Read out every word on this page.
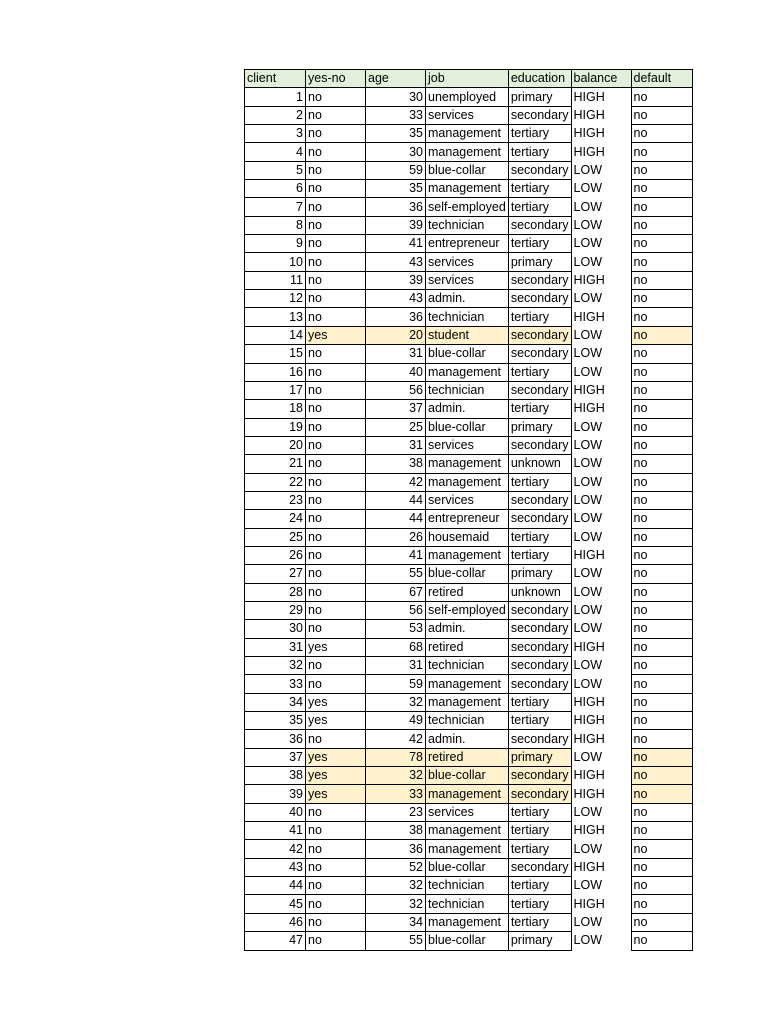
client	yes-no	age	job	education	balance	default
1	no	30	unemployed	primary	HIGH	no
2	no	33	services	secondary	HIGH	no
3	no	35	management	tertiary	HIGH	no
4	no	30	management	tertiary	HIGH	no
5	no	59	blue-collar	secondary	LOW	no
6	no	35	management	tertiary	LOW	no
7	no	36	self-employed	tertiary	LOW	no
8	no	39	technician	secondary	LOW	no
9	no	41	entrepreneur	tertiary	LOW	no
10	no	43	services	primary	LOW	no
11	no	39	services	secondary	HIGH	no
12	no	43	admin.	secondary	LOW	no
13	no	36	technician	tertiary	HIGH	no
14	yes	20	student	secondary	LOW	no
15	no	31	blue-collar	secondary	LOW	no
16	no	40	management	tertiary	LOW	no
17	no	56	technician	secondary	HIGH	no
18	no	37	admin.	tertiary	HIGH	no
19	no	25	blue-collar	primary	LOW	no
20	no	31	services	secondary	LOW	no
21	no	38	management	unknown	LOW	no
22	no	42	management	tertiary	LOW	no
23	no	44	services	secondary	LOW	no
24	no	44	entrepreneur	secondary	LOW	no
25	no	26	housemaid	tertiary	LOW	no
26	no	41	management	tertiary	HIGH	no
27	no	55	blue-collar	primary	LOW	no
28	no	67	retired	unknown	LOW	no
29	no	56	self-employed	secondary	LOW	no
30	no	53	admin.	secondary	LOW	no
31	yes	68	retired	secondary	HIGH	no
32	no	31	technician	secondary	LOW	no
33	no	59	management	secondary	LOW	no
34	yes	32	management	tertiary	HIGH	no
35	yes	49	technician	tertiary	HIGH	no
36	no	42	admin.	secondary	HIGH	no
37	yes	78	retired	primary	LOW	no
38	yes	32	blue-collar	secondary	HIGH	no
39	yes	33	management	secondary	HIGH	no
40	no	23	services	tertiary	LOW	no
41	no	38	management	tertiary	HIGH	no
42	no	36	management	tertiary	LOW	no
43	no	52	blue-collar	secondary	HIGH	no
44	no	32	technician	tertiary	LOW	no
45	no	32	technician	tertiary	HIGH	no
46	no	34	management	tertiary	LOW	no
47	no	55	blue-collar	primary	LOW	no
